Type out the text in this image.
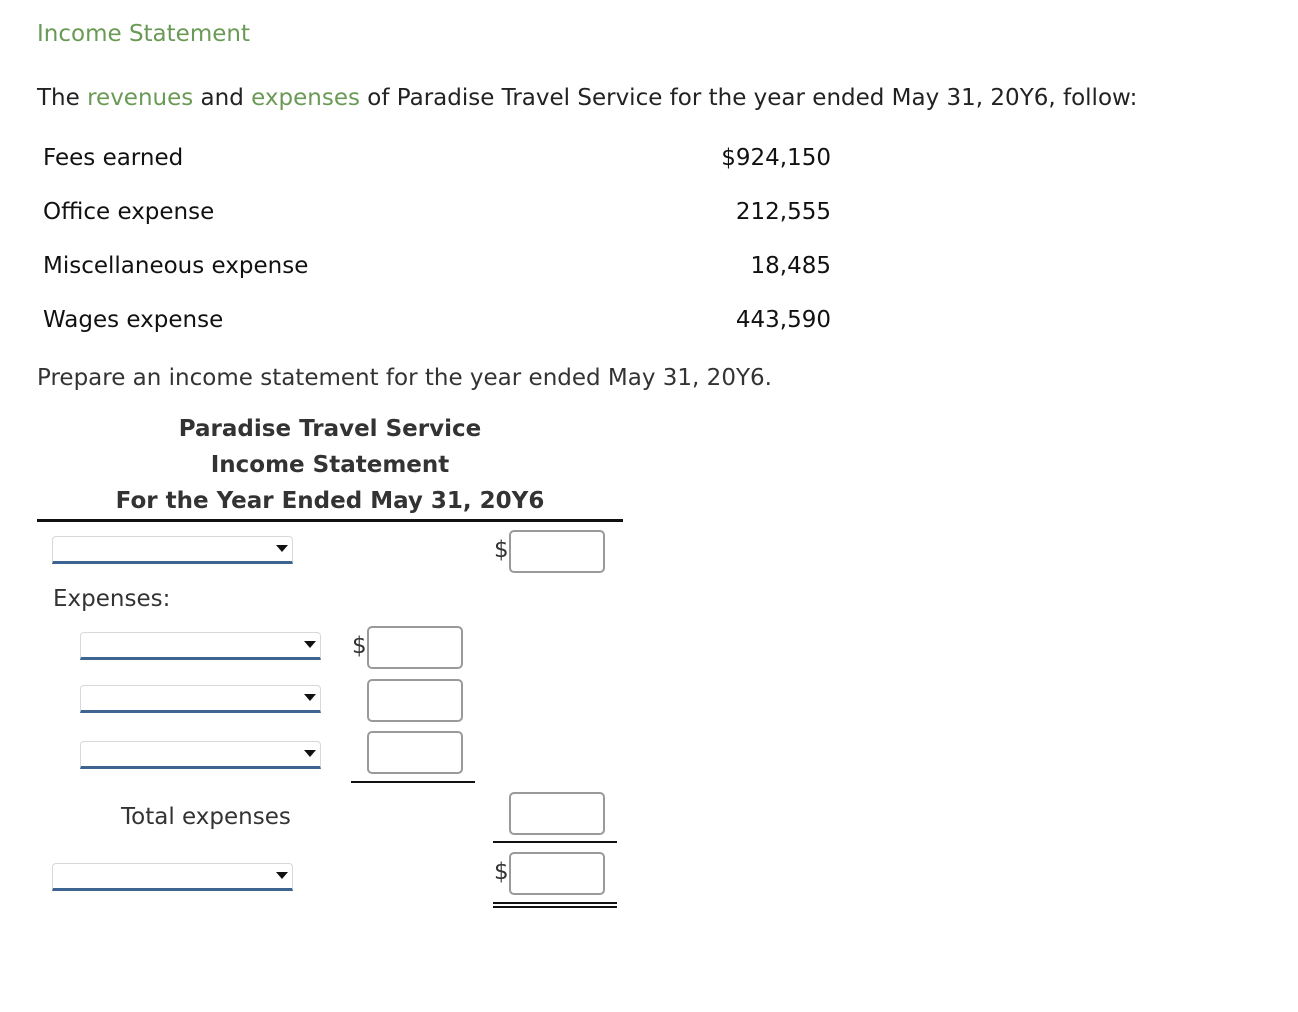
Income Statement
The revenues and expenses of Paradise Travel Service for the year ended May 31, 20Y6, follow:
Fees earned	$924,150
Office expense	212,555
Miscellaneous expense	18,485
Wages expense	443,590
Prepare an income statement for the year ended May 31, 20Y6.
Paradise Travel Service
Income Statement
For the Year Ended May 31, 20Y6
$
Expenses:
$
Total expenses
$
